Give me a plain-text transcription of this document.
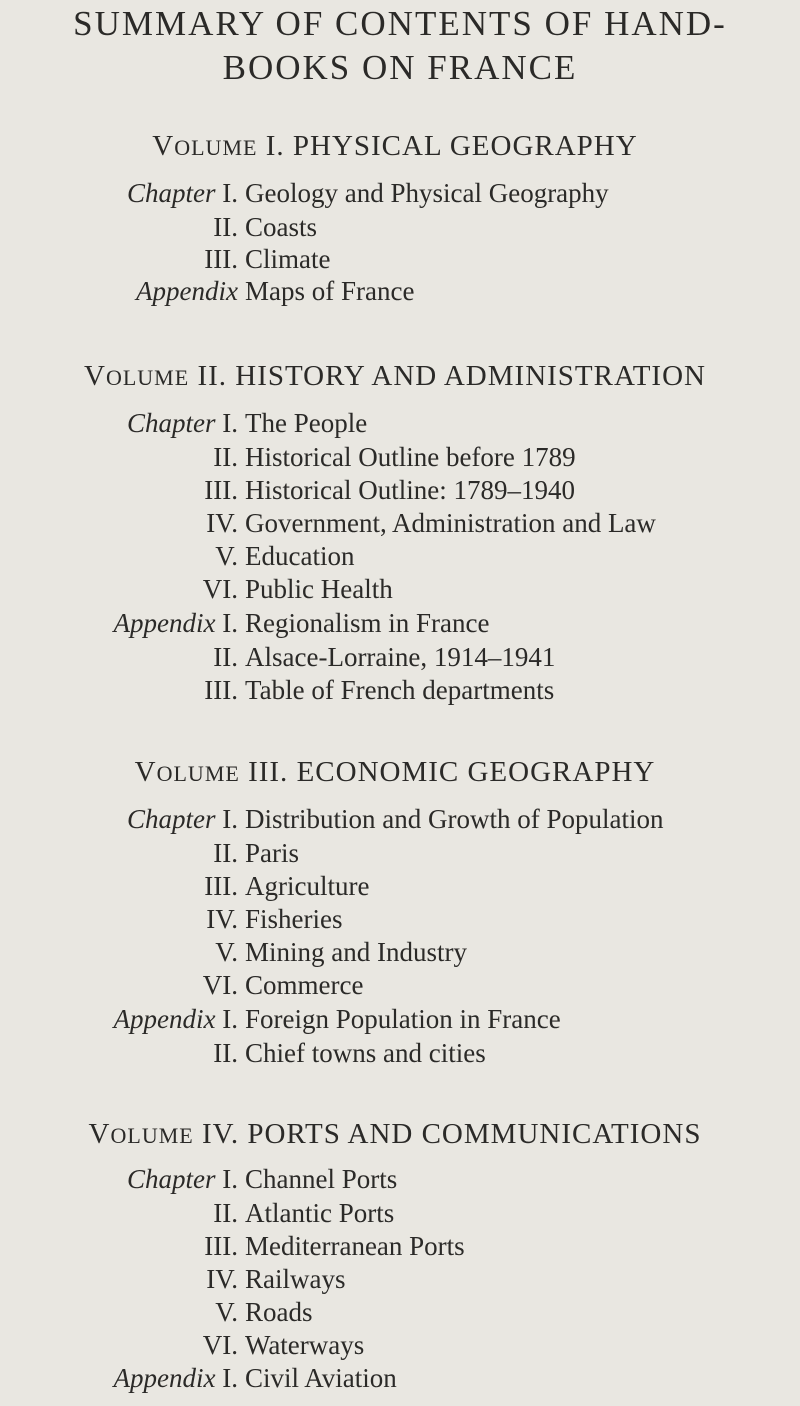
SUMMARY OF CONTENTS OF HAND-
BOOKS ON FRANCE
VOLUME I. PHYSICAL GEOGRAPHY
Chapter I. Geology and Physical Geography
II. Coasts
III. Climate
Appendix Maps of France
VOLUME II. HISTORY AND ADMINISTRATION
Chapter I. The People
II. Historical Outline before 1789
III. Historical Outline: 1789–1940
IV. Government, Administration and Law
V. Education
VI. Public Health
Appendix I. Regionalism in France
II. Alsace-Lorraine, 1914–1941
III. Table of French departments
VOLUME III. ECONOMIC GEOGRAPHY
Chapter I. Distribution and Growth of Population
II. Paris
III. Agriculture
IV. Fisheries
V. Mining and Industry
VI. Commerce
Appendix I. Foreign Population in France
II. Chief towns and cities
VOLUME IV. PORTS AND COMMUNICATIONS
Chapter I. Channel Ports
II. Atlantic Ports
III. Mediterranean Ports
IV. Railways
V. Roads
VI. Waterways
Appendix I. Civil Aviation
